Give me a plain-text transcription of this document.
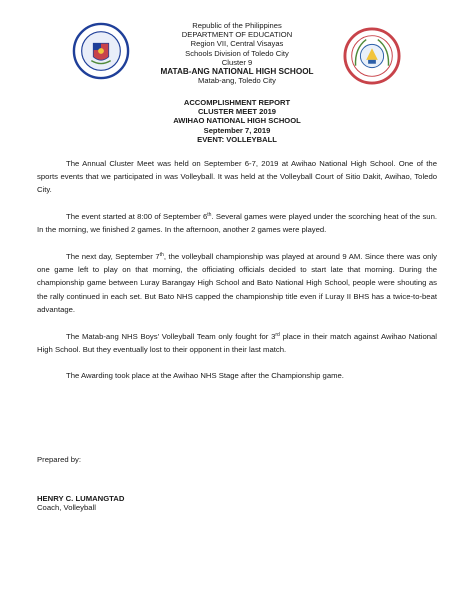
Republic of the Philippines
DEPARTMENT OF EDUCATION
Region VII, Central Visayas
Schools Division of Toledo City
Cluster 9
MATAB-ANG NATIONAL HIGH SCHOOL
Matab-ang, Toledo City
ACCOMPLISHMENT REPORT
CLUSTER MEET 2019
AWIHAO NATIONAL HIGH SCHOOL
September 7, 2019
EVENT: VOLLEYBALL

The Annual Cluster Meet was held on September 6-7, 2019 at Awihao National High School. One of the sports events that we participated in was Volleyball. It was held at the Volleyball Court of Sitio Dakit, Awihao, Toledo City.

The event started at 8:00 of September 6th. Several games were played under the scorching heat of the sun. In the morning, we finished 2 games. In the afternoon, another 2 games were played.

The next day, September 7th, the volleyball championship was played at around 9 AM. Since there was only one game left to play on that morning, the officiating officials decided to start late that morning. During the championship game between Luray Barangay High School and Bato National High School, people were shouting as the rally continued in each set. But Bato NHS capped the championship title even if Luray II BHS has a twice-to-beat advantage.

The Matab-ang NHS Boys' Volleyball Team only fought for 3rd place in their match against Awihao National High School. But they eventually lost to their opponent in their last match.

The Awarding took place at the Awihao NHS Stage after the Championship game.

Prepared by:
HENRY C. LUMANGTAD
Coach, Volleyball
